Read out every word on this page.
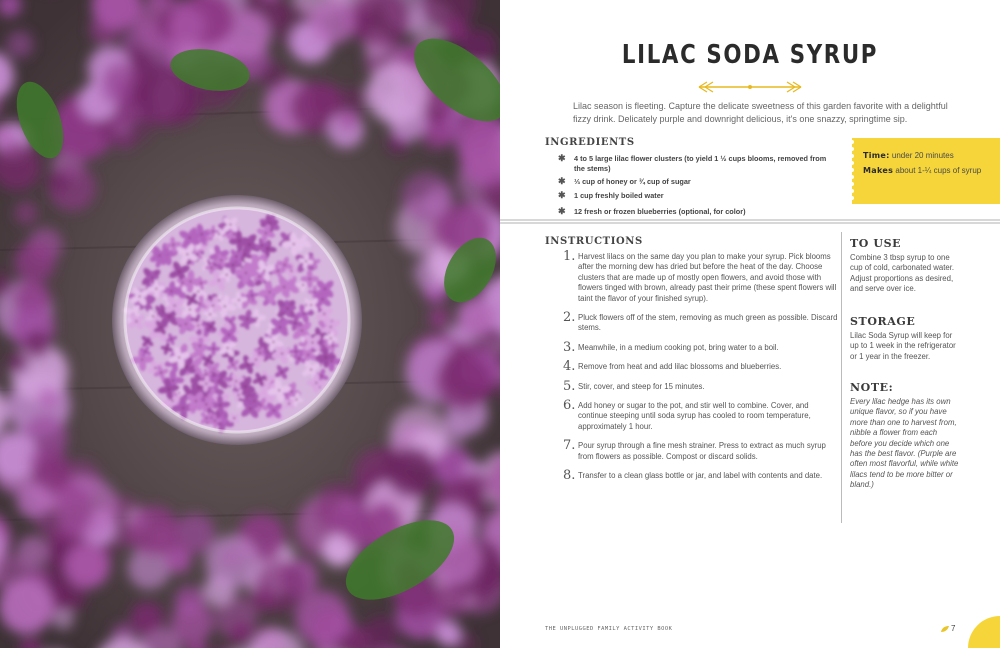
LILAC SODA SYRUP

Lilac season is fleeting. Capture the delicate sweetness of this garden favorite with a delightful fizzy drink. Delicately purple and downright delicious, it's one snazzy, springtime sip.

INGREDIENTS
✱ 4 to 5 large lilac flower clusters (to yield 1 ½ cups blooms, removed from the stems)
✱ ⅓ cup of honey or ¾ cup of sugar
✱ 1 cup freshly boiled water
✱ 12 fresh or frozen blueberries (optional, for color)
Time: under 20 minutes
Makes about 1-¼ cups of syrup
INSTRUCTIONS
1. Harvest lilacs on the same day you plan to make your syrup. Pick blooms after the morning dew has dried but before the heat of the day. Choose clusters that are made up of mostly open flowers, and avoid those with flowers tinged with brown, already past their prime (these spent flowers will taint the flavor of your finished syrup).

2. Pluck flowers off of the stem, removing as much green as possible. Discard stems.

3. Meanwhile, in a medium cooking pot, bring water to a boil.

4. Remove from heat and add lilac blossoms and blueberries.

5. Stir, cover, and steep for 15 minutes.

6. Add honey or sugar to the pot, and stir well to combine. Cover, and continue steeping until soda syrup has cooled to room temperature, approximately 1 hour.

7. Pour syrup through a fine mesh strainer. Press to extract as much syrup from flowers as possible. Compost or discard solids.

8. Transfer to a clean glass bottle or jar, and label with contents and date.

TO USE

Combine 3 tbsp syrup to one cup of cold, carbonated water. Adjust proportions as desired, and serve over ice.

STORAGE

Lilac Soda Syrup will keep for up to 1 week in the refrigerator or 1 year in the freezer.

NOTE:

Every lilac hedge has its own unique flavor, so if you have more than one to harvest from, nibble a flower from each before you decide which one has the best flavor. (Purple are often most flavorful, while white lilacs tend to be more bitter or bland.)

THE UNPLUGGED FAMILY ACTIVITY BOOK	7
